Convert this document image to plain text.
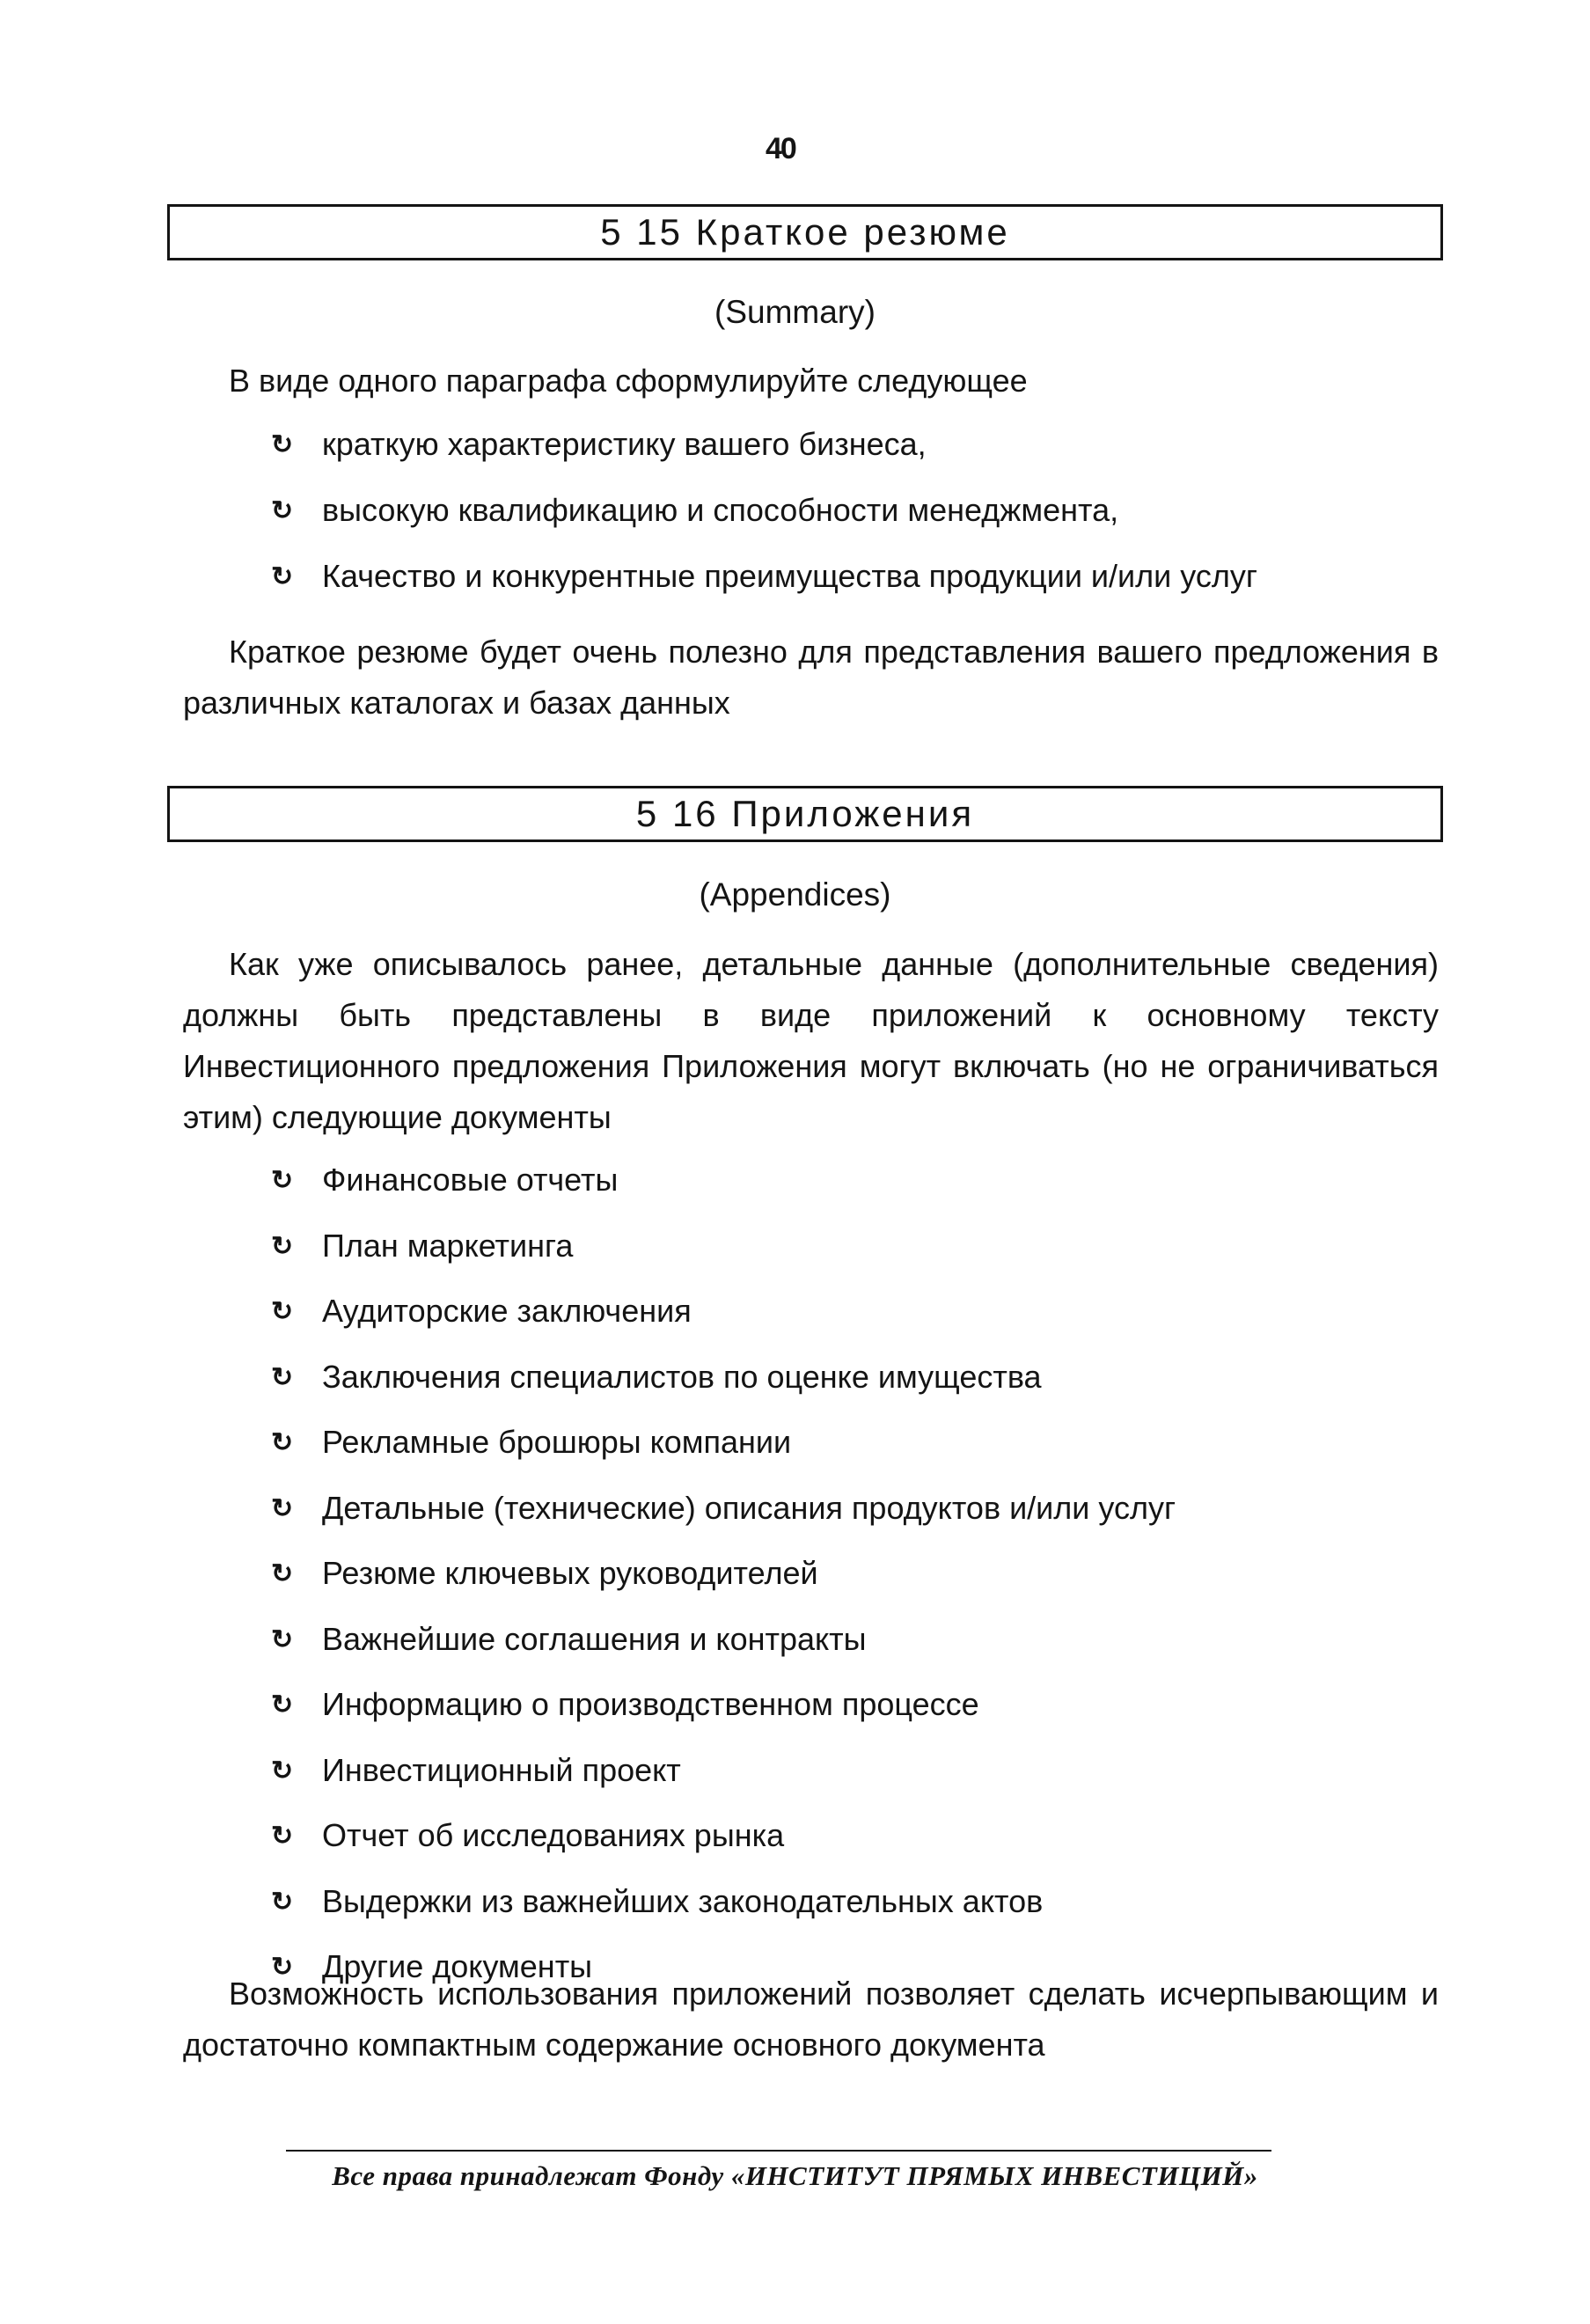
40
5 15 Краткое резюме
(Summary)

В виде одного параграфа сформулируйте следующее

↻ краткую характеристику вашего бизнеса,
↻ высокую квалификацию и способности менеджмента,
↻ Качество и конкурентные преимущества продукции и/или услуг

Краткое резюме будет очень полезно для представления вашего предложения в различных каталогах и базах данных

5 16 Приложения
(Appendices)

Как уже описывалось ранее, детальные данные (дополнительные сведения) должны быть представлены в виде приложений к основному тексту Инвестиционного предложения Приложения могут включать (но не ограничиваться этим) следующие документы

↻ Финансовые отчеты
↻ План маркетинга
↻ Аудиторские заключения
↻ Заключения специалистов по оценке имущества
↻ Рекламные брошюры компании
↻ Детальные (технические) описания продуктов и/или услуг
↻ Резюме ключевых руководителей
↻ Важнейшие соглашения и контракты
↻ Информацию о производственном процессе
↻ Инвестиционный проект
↻ Отчет об исследованиях рынка
↻ Выдержки из важнейших законодательных актов
↻ Другие документы

Возможность использования приложений позволяет сделать исчерпывающим и достаточно компактным содержание основного документа

Все права принадлежат Фонду «ИНСТИТУТ ПРЯМЫХ ИНВЕСТИЦИЙ»
